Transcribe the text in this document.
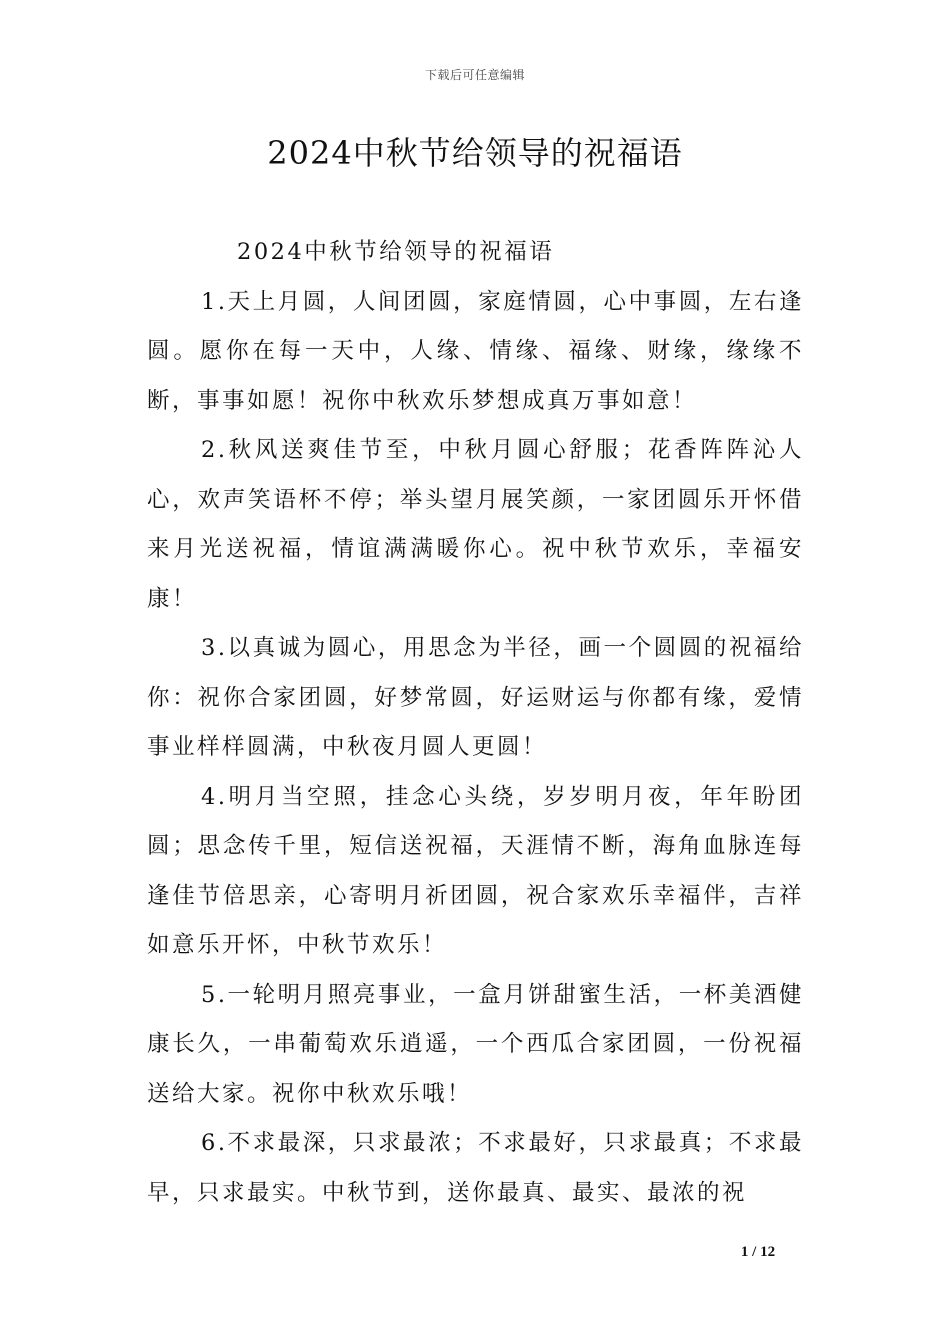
下载后可任意编辑
2024中秋节给领导的祝福语

2024中秋节给领导的祝福语

1.天上月圆，人间团圆，家庭情圆，心中事圆，左右逢圆。愿你在每一天中，人缘、情缘、福缘、财缘，缘缘不断，事事如愿！祝你中秋欢乐梦想成真万事如意！

2.秋风送爽佳节至，中秋月圆心舒服；花香阵阵沁人心，欢声笑语杯不停；举头望月展笑颜，一家团圆乐开怀借来月光送祝福，情谊满满暖你心。祝中秋节欢乐，幸福安康！

3.以真诚为圆心，用思念为半径，画一个圆圆的祝福给你：祝你合家团圆，好梦常圆，好运财运与你都有缘，爱情事业样样圆满，中秋夜月圆人更圆！

4.明月当空照，挂念心头绕，岁岁明月夜，年年盼团圆；思念传千里，短信送祝福，天涯情不断，海角血脉连每逢佳节倍思亲，心寄明月祈团圆，祝合家欢乐幸福伴，吉祥如意乐开怀，中秋节欢乐！

5.一轮明月照亮事业，一盒月饼甜蜜生活，一杯美酒健康长久，一串葡萄欢乐逍遥，一个西瓜合家团圆，一份祝福送给大家。祝你中秋欢乐哦！

6.不求最深，只求最浓；不求最好，只求最真；不求最早，只求最实。中秋节到，送你最真、最实、最浓的祝

1 / 12
